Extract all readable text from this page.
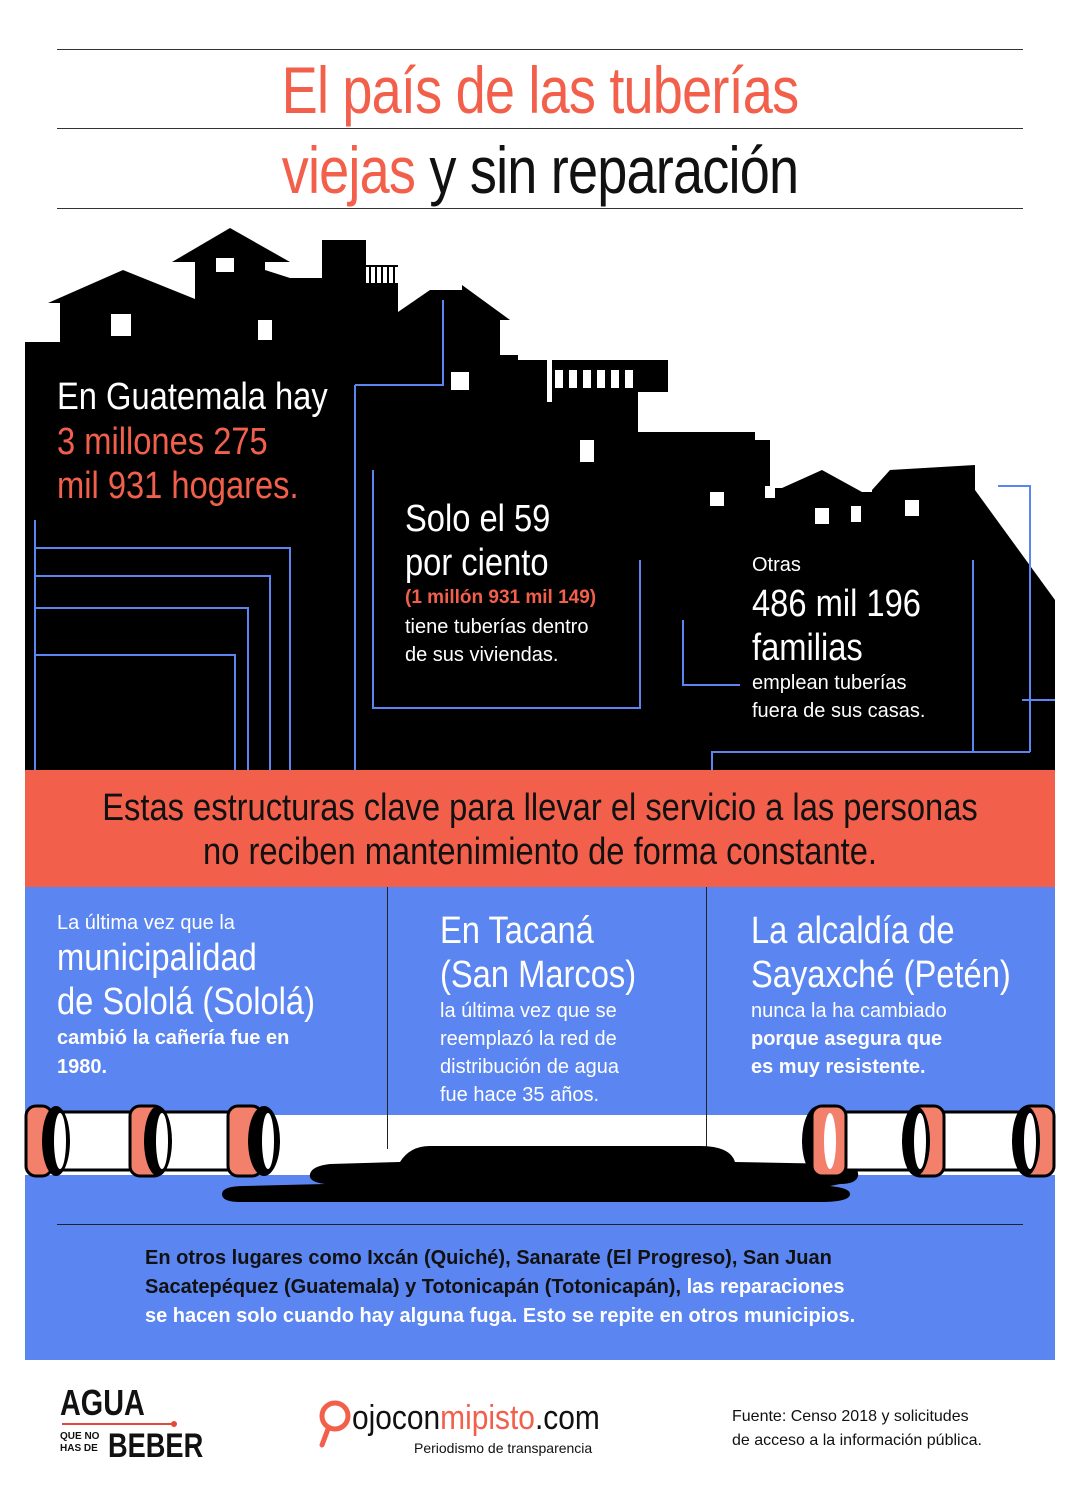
El país de las tuberías
viejas y sin reparación
En Guatemala hay
3 millones 275
mil 931 hogares.
Solo el 59
por ciento
(1 millón 931 mil 149)
tiene tuberías dentro
de sus viviendas.
Otras
486 mil 196
familias
emplean tuberías
fuera de sus casas.
Estas estructuras clave para llevar el servicio a las personas
no reciben mantenimiento de forma constante.
La última vez que la
municipalidad
de Sololá (Sololá)
cambió la cañería fue en
1980.
En Tacaná
(San Marcos)
la última vez que se
reemplazó la red de
distribución de agua
fue hace 35 años.
La alcaldía de
Sayaxché (Petén)
nunca la ha cambiado
porque asegura que
es muy resistente.
En otros lugares como Ixcán (Quiché), Sanarate (El Progreso), San Juan
Sacatepéquez (Guatemala) y Totonicapán (Totonicapán), las reparaciones
se hacen solo cuando hay alguna fuga. Esto se repite en otros municipios.
AGUA
QUE NO
HAS DE BEBER
ojoconmipisto.com
Periodismo de transparencia
Fuente: Censo 2018 y solicitudes
de acceso a la información pública.
